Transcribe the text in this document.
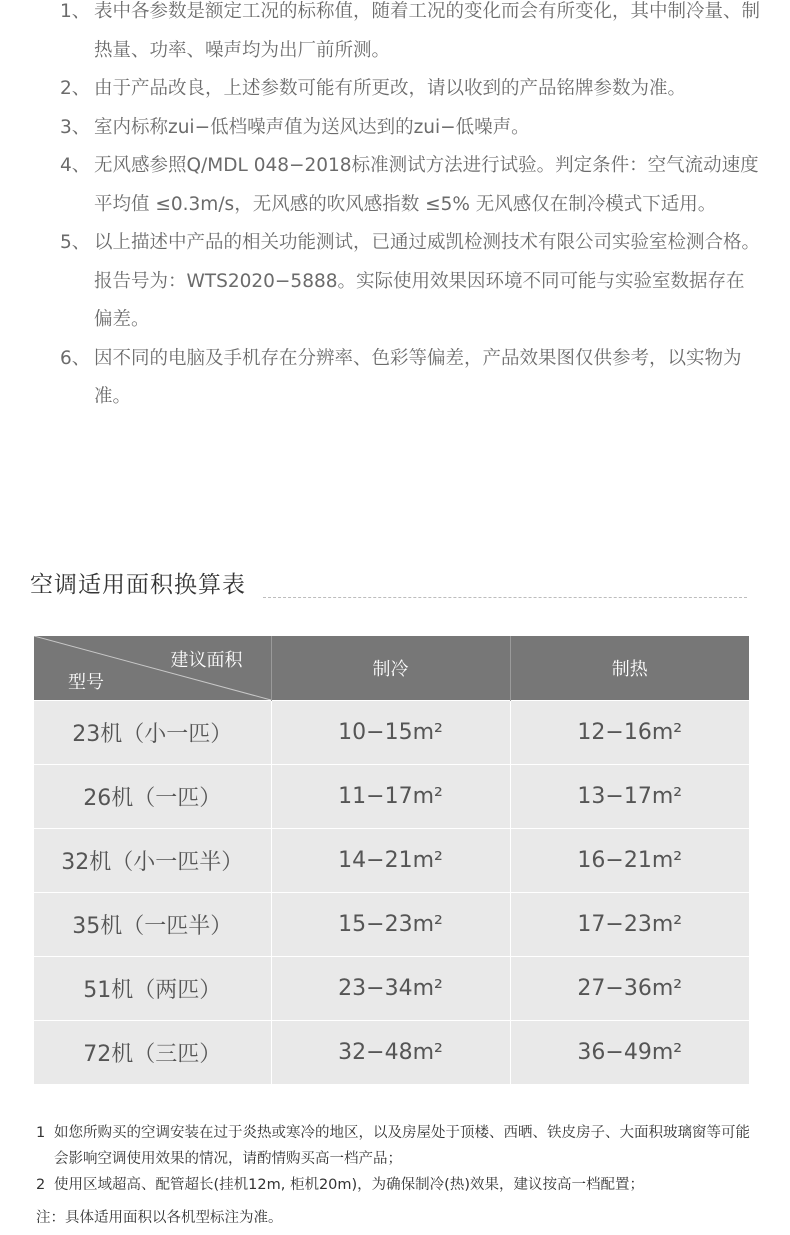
1、 表中各参数是额定工况的标称值，随着工况的变化而会有所变化，其中制冷量、制热量、功率、噪声均为出厂前所测。
2、 由于产品改良，上述参数可能有所更改，请以收到的产品铭牌参数为准。
3、 室内标称zui−低档噪声值为送风达到的zui−低噪声。
4、 无风感参照Q/MDL 048−2018标准测试方法进行试验。判定条件：空气流动速度平均值 ≤0.3m/s，无风感的吹风感指数 ≤5% 无风感仅在制冷模式下适用。
5、 以上描述中产品的相关功能测试，已通过威凯检测技术有限公司实验室检测合格。报告号为：WTS2020−5888。实际使用效果因环境不同可能与实验室数据存在偏差。
6、 因不同的电脑及手机存在分辨率、色彩等偏差，产品效果图仅供参考，以实物为准。
空调适用面积换算表
建议面积
型号	制冷	制热
23机（小一匹）	10−15m²	12−16m²
26机（一匹）	11−17m²	13−17m²
32机（小一匹半）	14−21m²	16−21m²
35机（一匹半）	15−23m²	17−23m²
51机（两匹）	23−34m²	27−36m²
72机（三匹）	32−48m²	36−49m²
1 如您所购买的空调安装在过于炎热或寒冷的地区，以及房屋处于顶楼、西晒、铁皮房子、大面积玻璃窗等可能会影响空调使用效果的情况，请酌情购买高一档产品；
2 使用区域超高、配管超长(挂机12m, 柜机20m)，为确保制冷(热)效果，建议按高一档配置；
注：具体适用面积以各机型标注为准。
